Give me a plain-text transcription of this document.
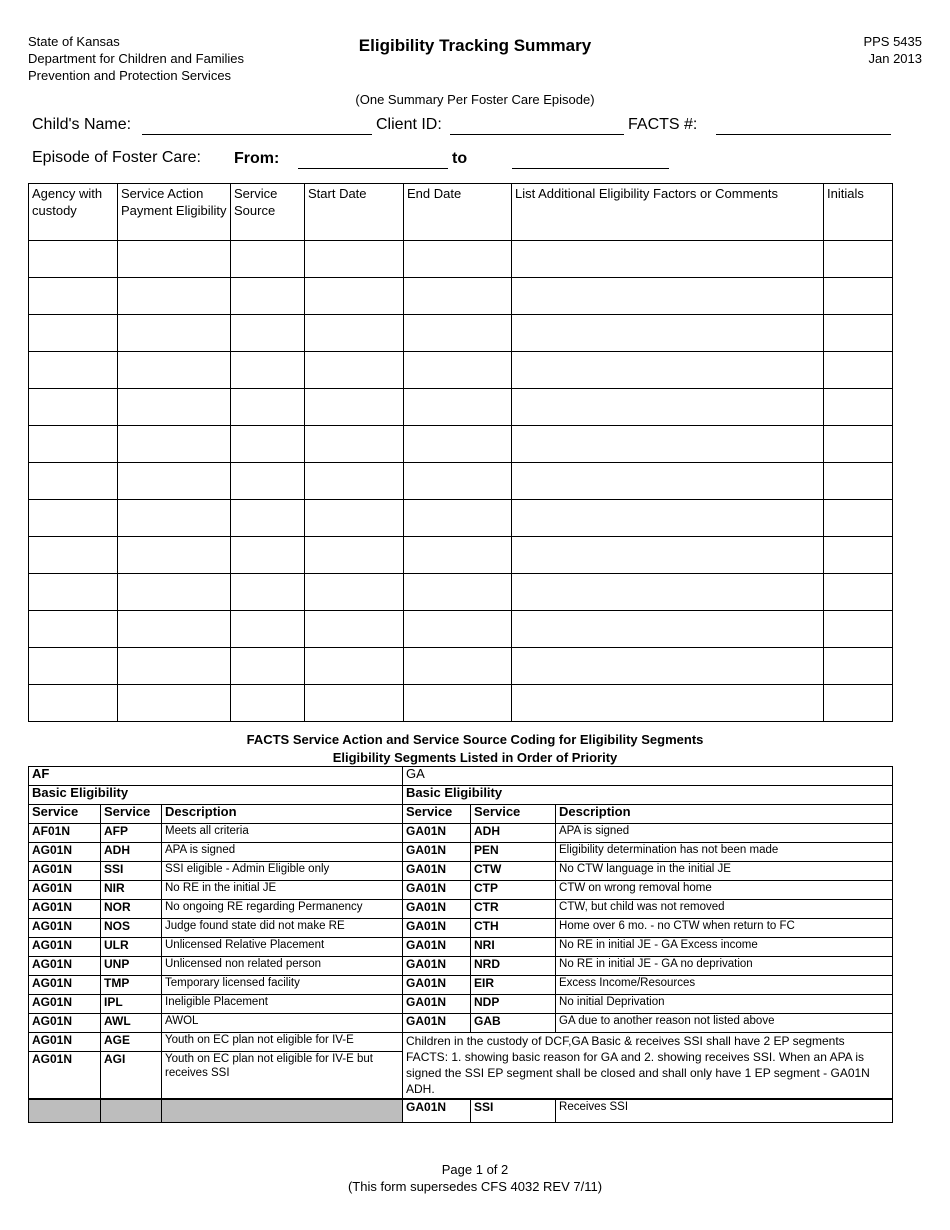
State of Kansas
Department for Children and Families
Prevention and Protection Services
Eligibility Tracking Summary	PPS 5435
Jan 2013
(One Summary Per Foster Care Episode)
Child's Name:	Client ID:	FACTS #:
Episode of Foster Care: From:	to
Agency with custody	Service Action Payment Eligibility	Service Source	Start Date	End Date	List Additional Eligibility Factors or Comments	Initials

FACTS Service Action and Service Source Coding for Eligibility Segments
Eligibility Segments Listed in Order of Priority
AF			GA		
Basic Eligibility			Basic Eligibility		
Service	Service	Description	Service	Service	Description
AF01N	AFP	Meets all criteria	GA01N	ADH	APA is signed
AG01N	ADH	APA is signed	GA01N	PEN	Eligibility determination has not been made
AG01N	SSI	SSI eligible - Admin Eligible only	GA01N	CTW	No CTW language in the initial JE
AG01N	NIR	No RE in the initial JE	GA01N	CTP	CTW on wrong removal home
AG01N	NOR	No ongoing RE regarding Permanency	GA01N	CTR	CTW, but child was not removed
AG01N	NOS	Judge found state did not make RE	GA01N	CTH	Home over 6 mo. - no CTW when return to FC
AG01N	ULR	Unlicensed Relative Placement	GA01N	NRI	No RE in initial JE - GA Excess income
AG01N	UNP	Unlicensed non related person	GA01N	NRD	No RE in initial JE - GA no deprivation
AG01N	TMP	Temporary licensed facility	GA01N	EIR	Excess Income/Resources
AG01N	IPL	Ineligible Placement	GA01N	NDP	No initial Deprivation
AG01N	AWL	AWOL	GA01N	GAB	GA due to another reason not listed above
AG01N	AGE	Youth on EC plan not eligible for IV-E	Children in the custody of DCF,GA Basic & receives SSI shall have 2 EP segments FACTS: 1. showing basic reason for GA and 2. showing receives SSI. When an APA is signed the SSI EP segment shall be closed and shall only have 1 EP segment - GA01N ADH.		
AG01N	AGI	Youth on EC plan not eligible for IV-E but receives SSI			
			GA01N	SSI	Receives SSI
Page 1 of 2
(This form supersedes CFS 4032 REV 7/11)
